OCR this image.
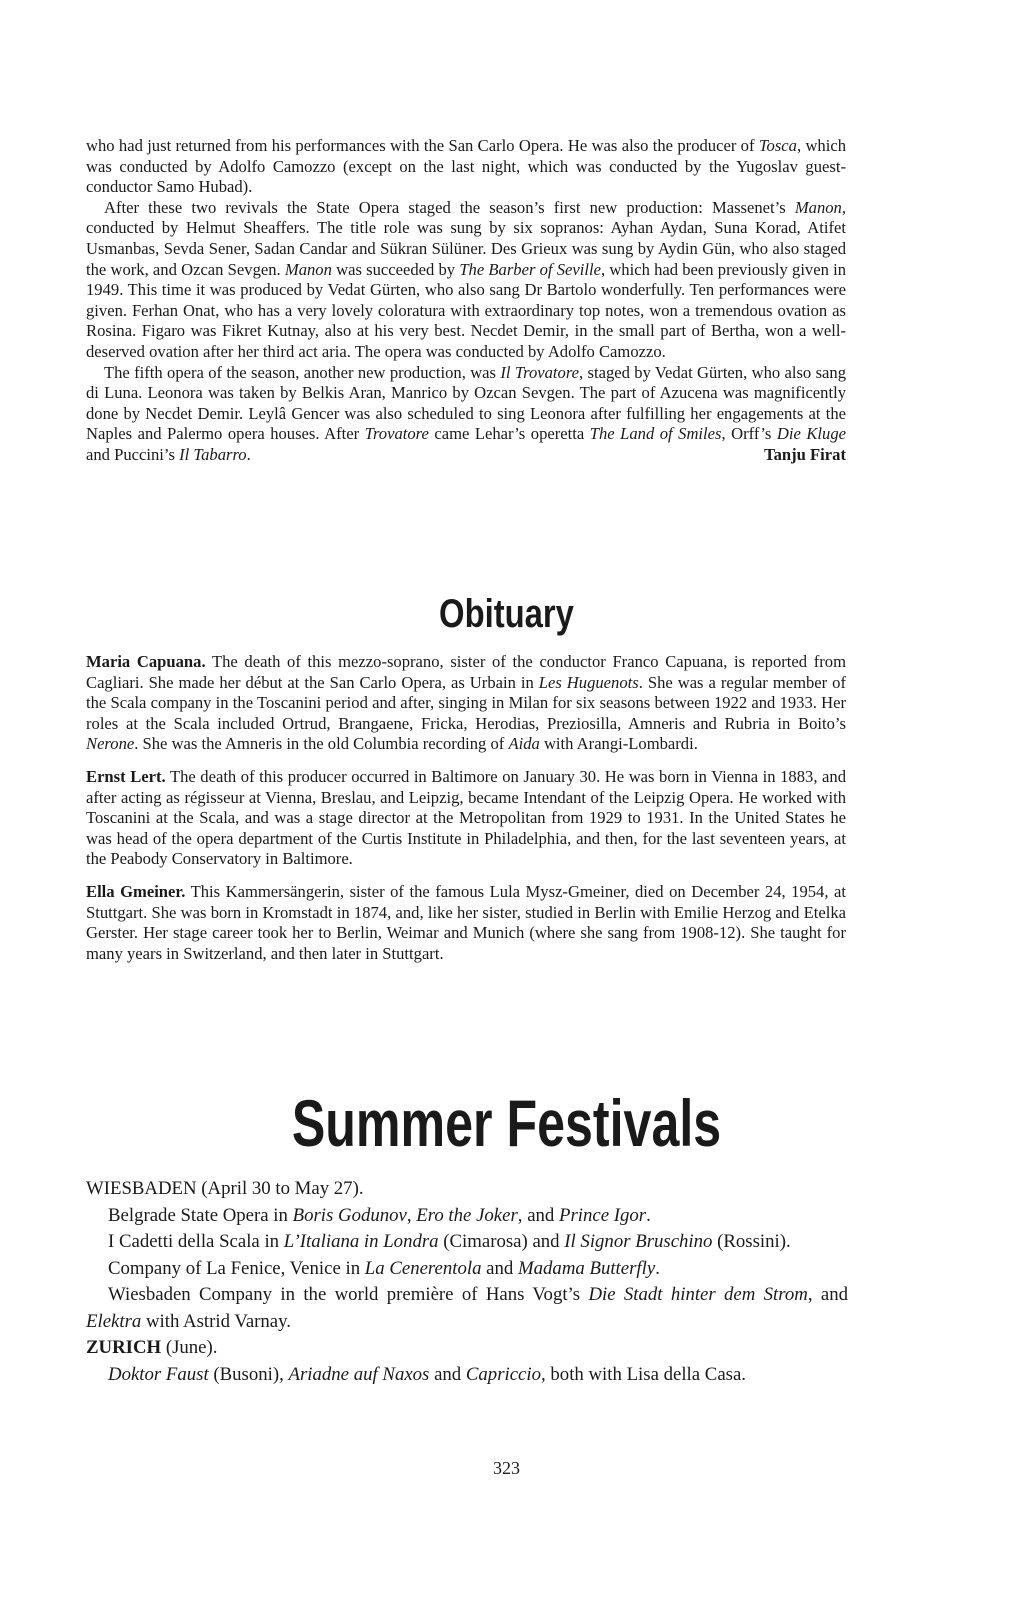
who had just returned from his performances with the San Carlo Opera. He was also the producer of Tosca, which was conducted by Adolfo Camozzo (except on the last night, which was conducted by the Yugoslav guest-conductor Samo Hubad).

After these two revivals the State Opera staged the season’s first new production: Massenet’s Manon, conducted by Helmut Sheaffers. The title role was sung by six sopranos: Ayhan Aydan, Suna Korad, Atifet Usmanbas, Sevda Sener, Sadan Candar and Sükran Sülüner. Des Grieux was sung by Aydin Gün, who also staged the work, and Ozcan Sevgen. Manon was succeeded by The Barber of Seville, which had been previously given in 1949. This time it was produced by Vedat Gürten, who also sang Dr Bartolo wonderfully. Ten performances were given. Ferhan Onat, who has a very lovely coloratura with extraordinary top notes, won a tremendous ovation as Rosina. Figaro was Fikret Kutnay, also at his very best. Necdet Demir, in the small part of Bertha, won a well-deserved ovation after her third act aria. The opera was conducted by Adolfo Camozzo.

The fifth opera of the season, another new production, was Il Trovatore, staged by Vedat Gürten, who also sang di Luna. Leonora was taken by Belkis Aran, Manrico by Ozcan Sevgen. The part of Azucena was magnificently done by Necdet Demir. Leylâ Gencer was also scheduled to sing Leonora after fulfilling her engagements at the Naples and Palermo opera houses. After Trovatore came Lehar’s operetta The Land of Smiles, Orff’s Die Kluge and Puccini’s Il Tabarro.	Tanju Firat

Obituary

Maria Capuana. The death of this mezzo-soprano, sister of the conductor Franco Capuana, is reported from Cagliari. She made her début at the San Carlo Opera, as Urbain in Les Huguenots. She was a regular member of the Scala company in the Toscanini period and after, singing in Milan for six seasons between 1922 and 1933. Her roles at the Scala included Ortrud, Brangaene, Fricka, Herodias, Preziosilla, Amneris and Rubria in Boito’s Nerone. She was the Amneris in the old Columbia recording of Aida with Arangi-Lombardi.

Ernst Lert. The death of this producer occurred in Baltimore on January 30. He was born in Vienna in 1883, and after acting as régisseur at Vienna, Breslau, and Leipzig, became Intendant of the Leipzig Opera. He worked with Toscanini at the Scala, and was a stage director at the Metropolitan from 1929 to 1931. In the United States he was head of the opera department of the Curtis Institute in Philadelphia, and then, for the last seventeen years, at the Peabody Conservatory in Baltimore.

Ella Gmeiner. This Kammersängerin, sister of the famous Lula Mysz-Gmeiner, died on December 24, 1954, at Stuttgart. She was born in Kromstadt in 1874, and, like her sister, studied in Berlin with Emilie Herzog and Etelka Gerster. Her stage career took her to Berlin, Weimar and Munich (where she sang from 1908-12). She taught for many years in Switzerland, and then later in Stuttgart.

Summer Festivals

WIESBADEN (April 30 to May 27).

Belgrade State Opera in Boris Godunov, Ero the Joker, and Prince Igor.

I Cadetti della Scala in L’Italiana in Londra (Cimarosa) and Il Signor Bruschino (Rossini).

Company of La Fenice, Venice in La Cenerentola and Madama Butterfly.

Wiesbaden Company in the world première of Hans Vogt’s Die Stadt hinter dem Strom, and Elektra with Astrid Varnay.

ZURICH (June).

Doktor Faust (Busoni), Ariadne auf Naxos and Capriccio, both with Lisa della Casa.

323
